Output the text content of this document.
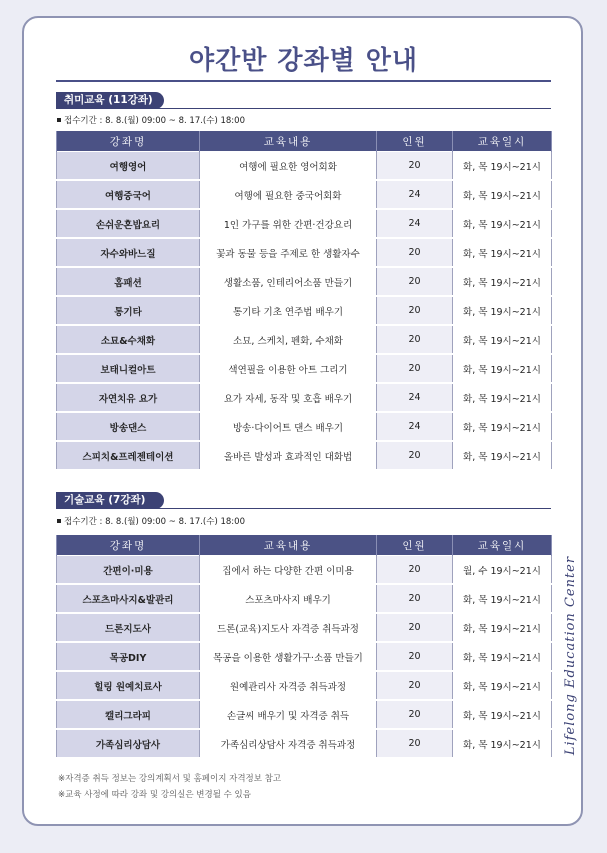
야간반 강좌별 안내
취미교육 (11강좌)
접수기간 : 8. 8.(월) 09:00 ~ 8. 17.(수) 18:00
강좌명	교육내용	인원	교육일시
여행영어	여행에 필요한 영어회화	20	화, 목 19시~21시
여행중국어	여행에 필요한 중국어회화	24	화, 목 19시~21시
손쉬운혼밥요리	1인 가구를 위한 간편·건강요리	24	화, 목 19시~21시
자수와바느질	꽃과 동물 등을 주제로 한 생활자수	20	화, 목 19시~21시
홈패션	생활소품, 인테리어소품 만들기	20	화, 목 19시~21시
통기타	통기타 기초 연주법 배우기	20	화, 목 19시~21시
소묘&수채화	소묘, 스케치, 펜화, 수채화	20	화, 목 19시~21시
보태니컬아트	색연필을 이용한 아트 그리기	20	화, 목 19시~21시
자연치유 요가	요가 자세, 동작 및 호흡 배우기	24	화, 목 19시~21시
방송댄스	방송·다이어트 댄스 배우기	24	화, 목 19시~21시
스피치&프레젠테이션	올바른 발성과 효과적인 대화법	20	화, 목 19시~21시
기술교육 (7강좌)
접수기간 : 8. 8.(월) 09:00 ~ 8. 17.(수) 18:00
강좌명	교육내용	인원	교육일시
간편이·미용	집에서 하는 다양한 간편 이미용	20	월, 수 19시~21시
스포츠마사지&발관리	스포츠마사지 배우기	20	화, 목 19시~21시
드론지도사	드론(교육)지도사 자격증 취득과정	20	화, 목 19시~21시
목공DIY	목공을 이용한 생활가구·소품 만들기	20	화, 목 19시~21시
힐링 원예치료사	원예관리사 자격증 취득과정	20	화, 목 19시~21시
캘리그라피	손글씨 배우기 및 자격증 취득	20	화, 목 19시~21시
가족심리상담사	가족심리상담사 자격증 취득과정	20	화, 목 19시~21시
※자격증 취득 정보는 강의계획서 및 홈페이지 자격정보 참고
※교육 사정에 따라 강좌 및 강의실은 변경될 수 있음
Lifelong Education Center
